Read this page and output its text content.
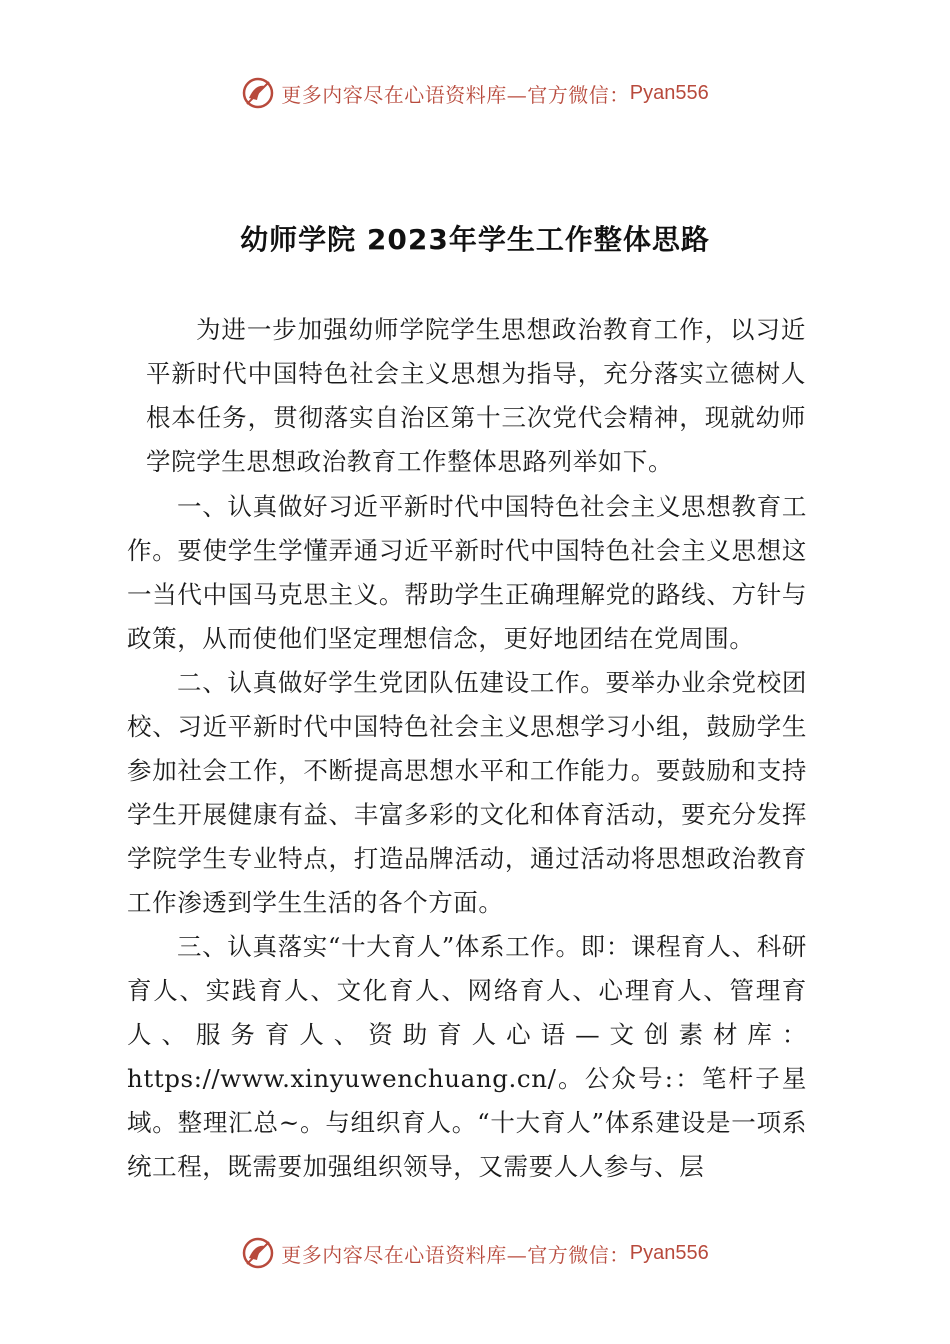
更多内容尽在心语资料库—官方微信： Pyan556
幼师学院 2023年学生工作整体思路

为进一步加强幼师学院学生思想政治教育工作，以习近平新时代中国特色社会主义思想为指导，充分落实立德树人根本任务，贯彻落实自治区第十三次党代会精神，现就幼师学院学生思想政治教育工作整体思路列举如下。

一、认真做好习近平新时代中国特色社会主义思想教育工作。要使学生学懂弄通习近平新时代中国特色社会主义思想这一当代中国马克思主义。帮助学生正确理解党的路线、方针与政策，从而使他们坚定理想信念，更好地团结在党周围。

二、认真做好学生党团队伍建设工作。要举办业余党校团校、习近平新时代中国特色社会主义思想学习小组，鼓励学生参加社会工作，不断提高思想水平和工作能力。要鼓励和支持学生开展健康有益、丰富多彩的文化和体育活动，要充分发挥学院学生专业特点，打造品牌活动，通过活动将思想政治教育工作渗透到学生生活的各个方面。

三、认真落实“十大育人”体系工作。即：课程育人、科研育人、实践育人、文化育人、网络育人、心理育人、管理育人、服务育人、资助育人心语—文创素材库：https://www.xinyuwenchuang.cn/。公众号:：笔杆子星域。整理汇总~。与组织育人。“十大育人”体系建设是一项系统工程，既需要加强组织领导，又需要人人参与、层

更多内容尽在心语资料库—官方微信： Pyan556
